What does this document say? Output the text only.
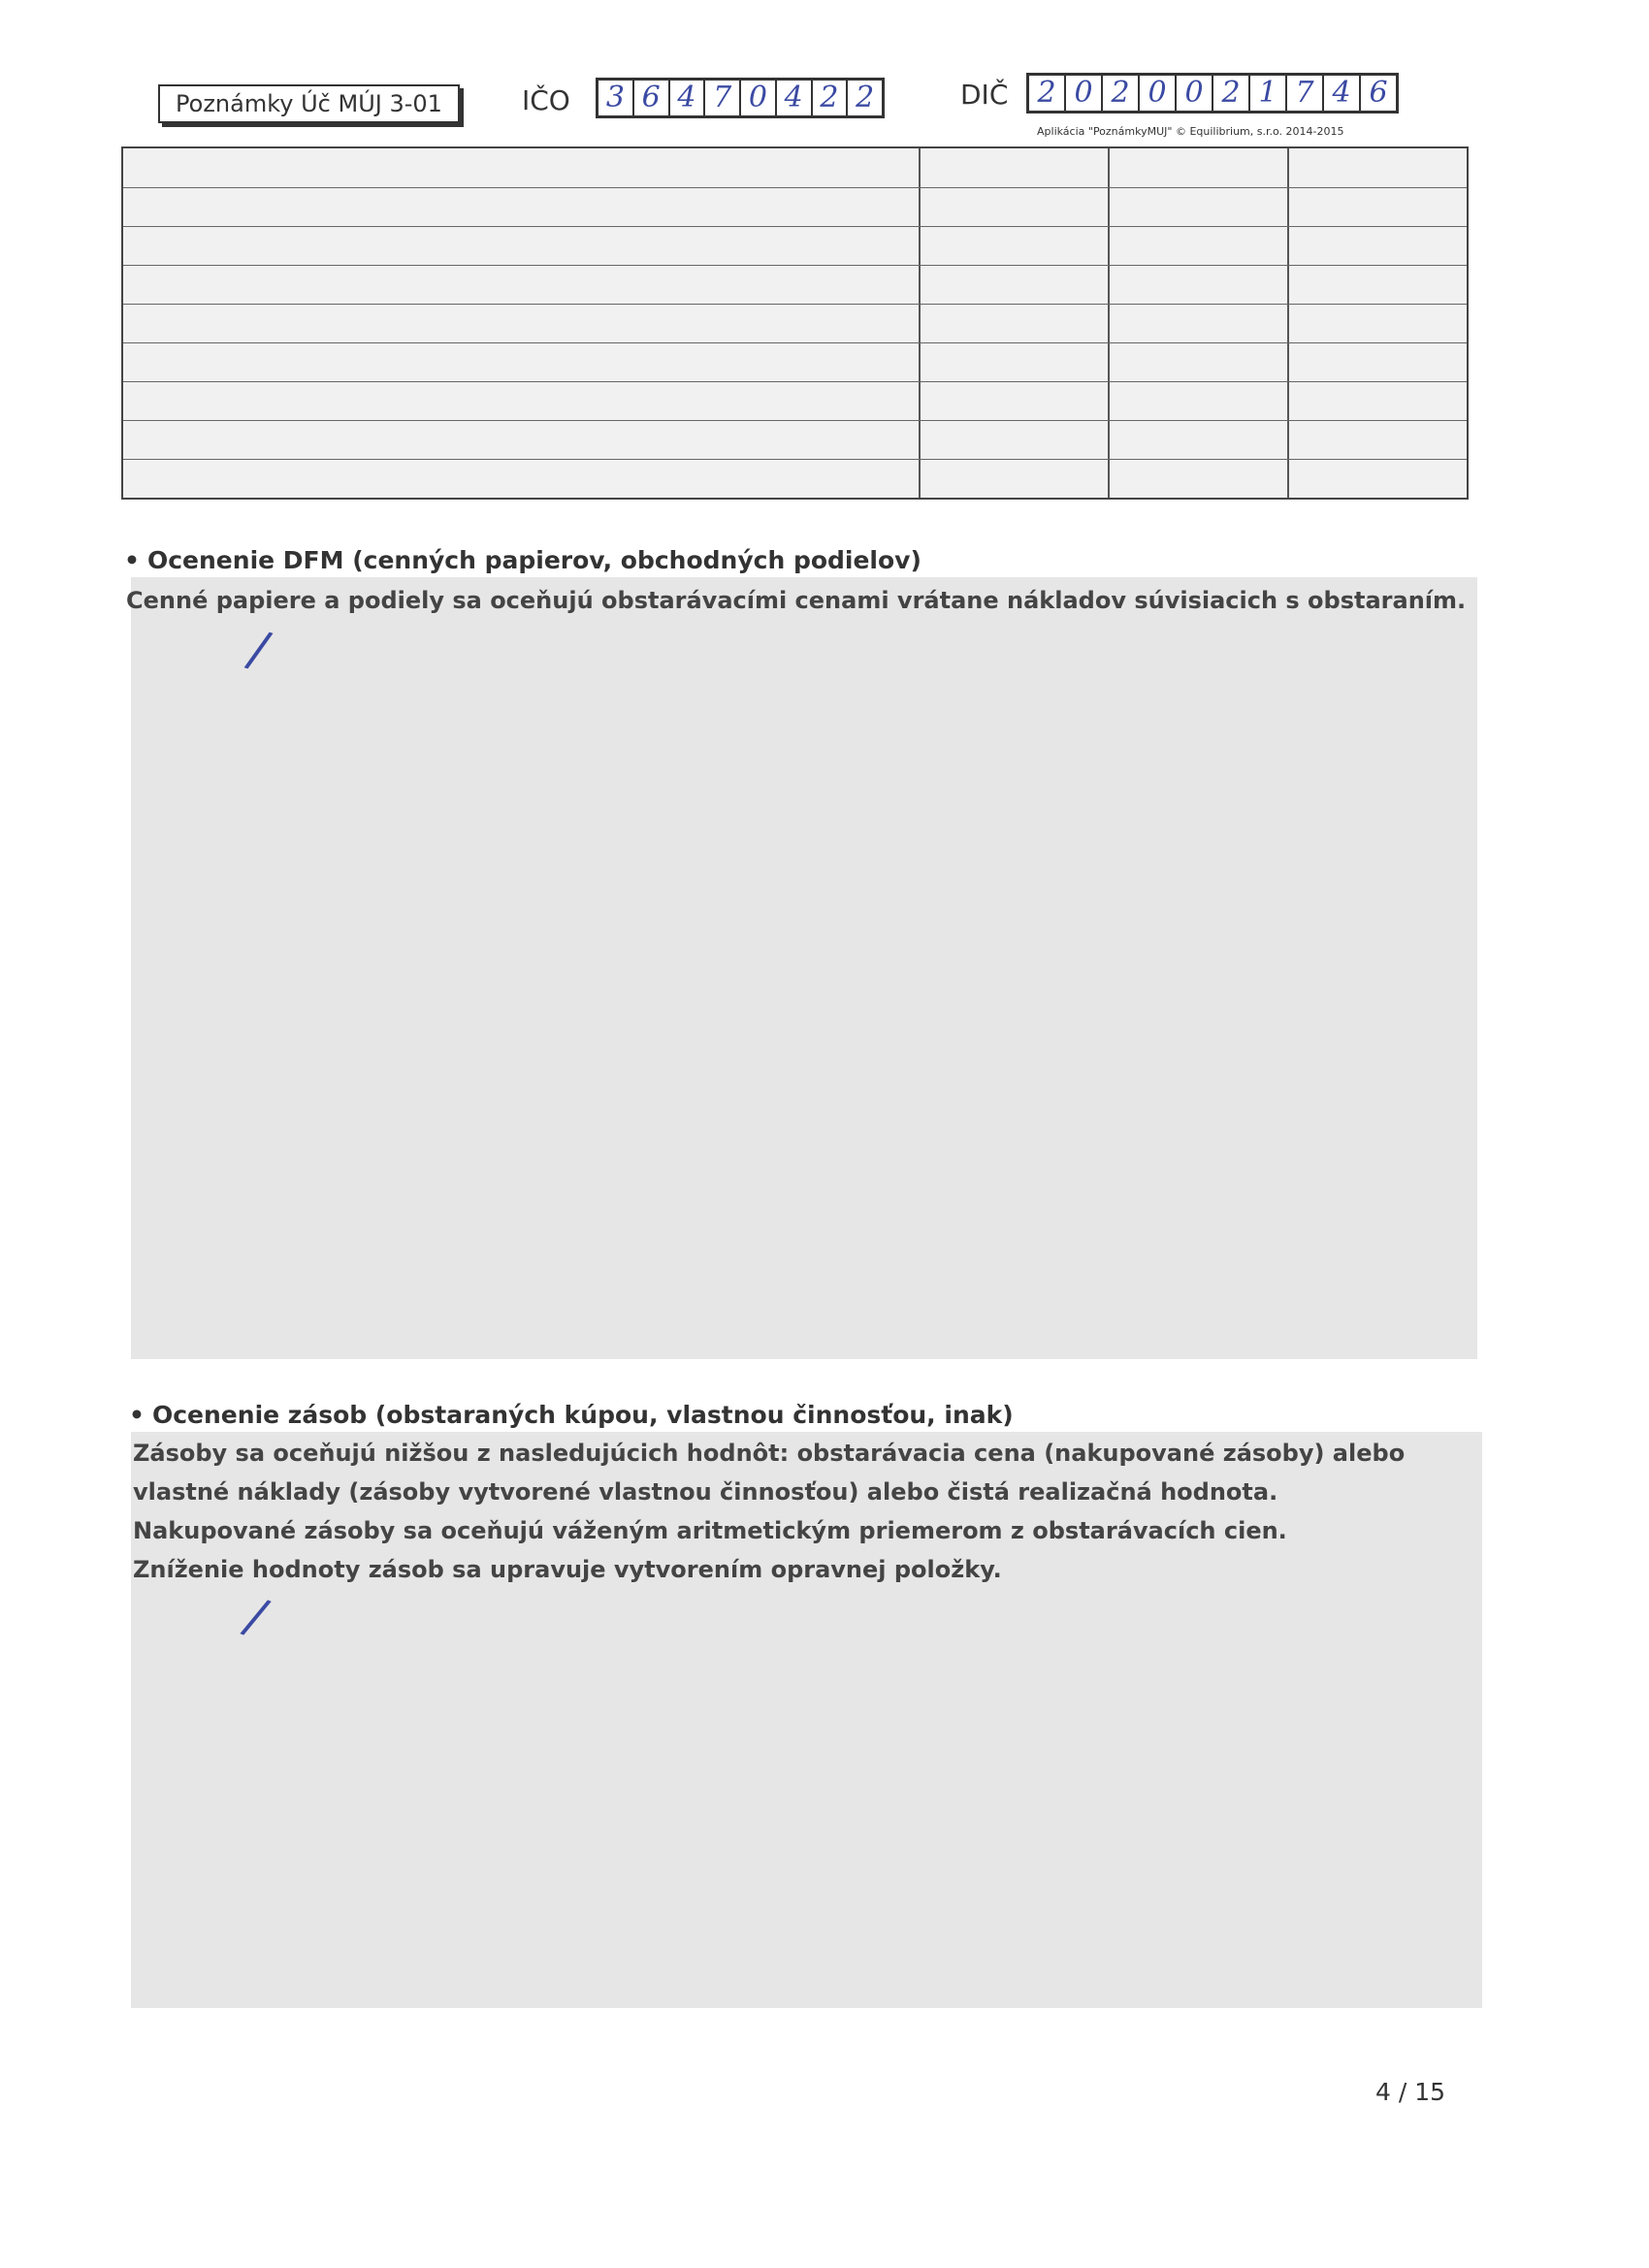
Poznámky Úč MÚJ 3-01	IČO 3 6 4 7 0 4 2 2	DIČ 2 0 2 0 0 2 1 7 4 6
Aplikácia "PoznámkyMUJ" © Equilibrium, s.r.o. 2014-2015
• Ocenenie DFM (cenných papierov, obchodných podielov)
Cenné papiere a podiely sa oceňujú obstarávacími cenami vrátane nákladov súvisiacich s obstaraním.
/
• Ocenenie zásob (obstaraných kúpou, vlastnou činnosťou, inak)
Zásoby sa oceňujú nižšou z nasledujúcich hodnôt: obstarávacia cena (nakupované zásoby) alebo
vlastné náklady (zásoby vytvorené vlastnou činnosťou) alebo čistá realizačná hodnota.
Nakupované zásoby sa oceňujú váženým aritmetickým priemerom z obstarávacích cien.
Zníženie hodnoty zásob sa upravuje vytvorením opravnej položky.
/
4 / 15
